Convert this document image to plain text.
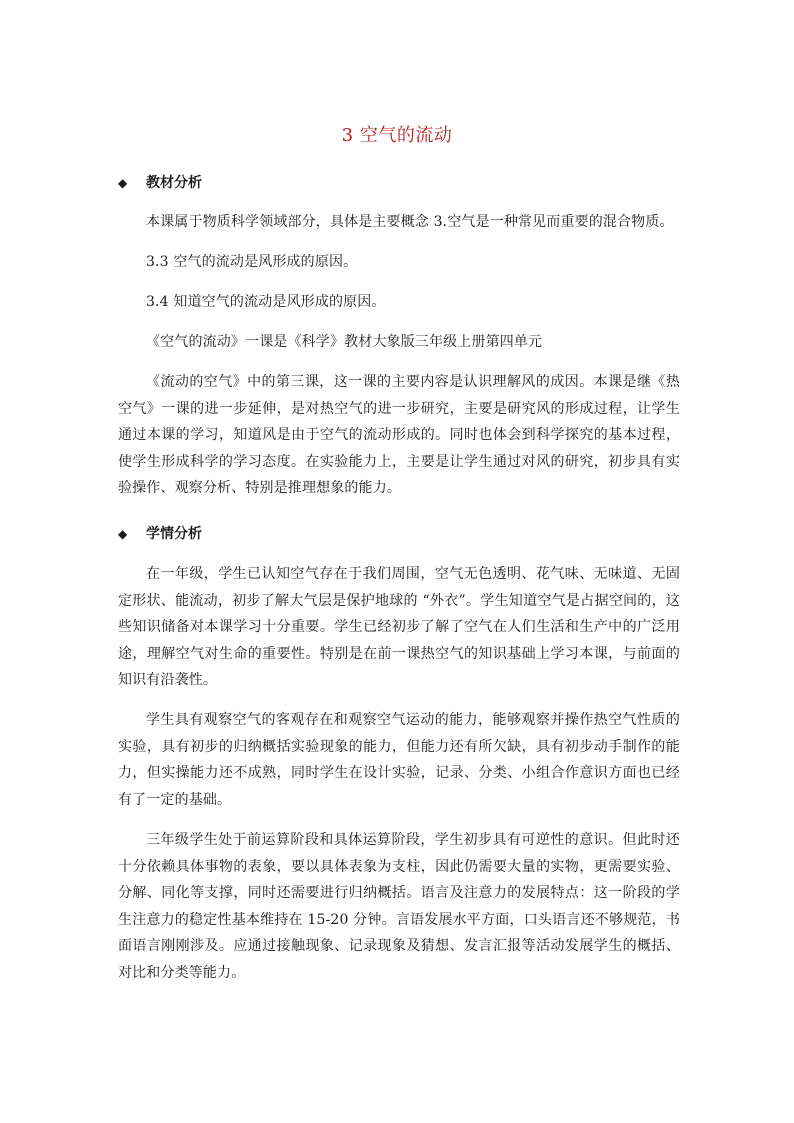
3 空气的流动
◆ 教材分析
本课属于物质科学领域部分，具体是主要概念 3.空气是一种常见而重要的混合物质。
3.3 空气的流动是风形成的原因。
3.4 知道空气的流动是风形成的原因。
《空气的流动》一课是《科学》教材大象版三年级上册第四单元
《流动的空气》中的第三课，这一课的主要内容是认识理解风的成因。本课是继《热空气》一课的进一步延伸，是对热空气的进一步研究，主要是研究风的形成过程，让学生通过本课的学习，知道风是由于空气的流动形成的。同时也体会到科学探究的基本过程，使学生形成科学的学习态度。在实验能力上，主要是让学生通过对风的研究，初步具有实验操作、观察分析、特别是推理想象的能力。
◆ 学情分析
在一年级，学生已认知空气存在于我们周围，空气无色透明、花气味、无味道、无固定形状、能流动，初步了解大气层是保护地球的 “外衣”。学生知道空气是占据空间的，这些知识储备对本课学习十分重要。学生已经初步了解了空气在人们生活和生产中的广泛用途，理解空气对生命的重要性。特别是在前一课热空气的知识基础上学习本课，与前面的知识有沿袭性。
学生具有观察空气的客观存在和观察空气运动的能力，能够观察并操作热空气性质的实验，具有初步的归纳概括实验现象的能力，但能力还有所欠缺，具有初步动手制作的能力，但实操能力还不成熟，同时学生在设计实验，记录、分类、小组合作意识方面也已经有了一定的基础。
三年级学生处于前运算阶段和具体运算阶段，学生初步具有可逆性的意识。但此时还十分依赖具体事物的表象，要以具体表象为支柱，因此仍需要大量的实物，更需要实验、分解、同化等支撑，同时还需要进行归纳概括。语言及注意力的发展特点：这一阶段的学生注意力的稳定性基本维持在 15-20 分钟。言语发展水平方面，口头语言还不够规范，书面语言刚刚涉及。应通过接触现象、记录现象及猜想、发言汇报等活动发展学生的概括、对比和分类等能力。
